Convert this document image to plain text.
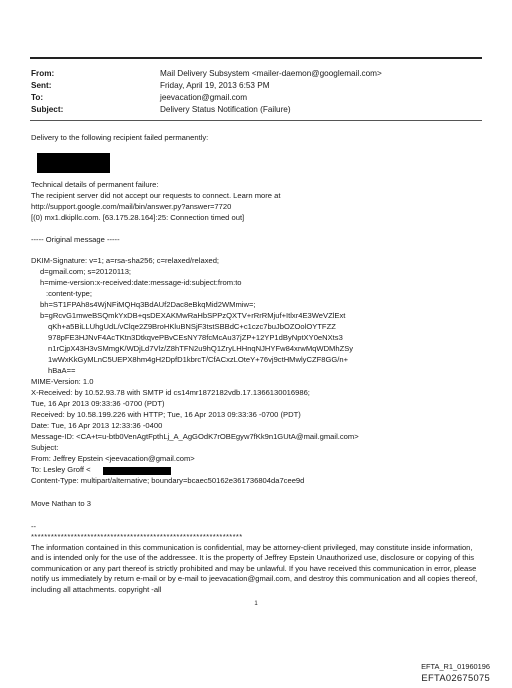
From:	Mail Delivery Subsystem <mailer-daemon@googlemail.com>
Sent:	Friday, April 19, 2013 6:53 PM
To:	jeevacation@gmail.com
Subject:	Delivery Status Notification (Failure)
Delivery to the following recipient failed permanently:
Technical details of permanent failure:
The recipient server did not accept our requests to connect. Learn more at
http://support.google.com/mail/bin/answer.py?answer=7720
[(0) mx1.dkipllc.com. [63.175.28.164]:25: Connection timed out]
----- Original message -----
DKIM-Signature: v=1; a=rsa-sha256; c=relaxed/relaxed;
d=gmail.com; s=20120113;
h=mime-version:x-received:date:message-id:subject:from:to
:content-type;
bh=ST1FPAh8s4WjNFiMQHq3BdAUf2Dac8eBkqMid2WMmiw=;
b=gRcvG1mweBSQmkYxDB+qsDEXAKMwRaHbSPPzQXTV+rRrRMjuf+Itlxr4E3WeVZlExt
qKh+a5BiLLUhgUdL/vClqe2Z9BroHKluBNSjF3tstSBBdC+c1czc7buJbOZOolOYTFZZ
978pFE3HJNvF4AcTKtn3DtkqvePBvCEsNY78fcMcAu37jZP+12YP1dByNptXY0eNXts3
n1rCjpX43H3vSMmgK/WDjLd7Vlz/Z8hTFN2u9hQ1ZryLHHnqNJHYFw84xrwMqWDMhZSy
1wWxKkGyMLnC5UEPX8hm4gH2DpfD1kbrcT/CfACxzLOteY+76vj9ctHMwlyCZF8GG/n+
hBaA==
MIME-Version: 1.0
X-Received: by 10.52.93.78 with SMTP id cs14mr1872182vdb.17.1366130016986;
Tue, 16 Apr 2013 09:33:36 -0700 (PDT)
Received: by 10.58.199.226 with HTTP; Tue, 16 Apr 2013 09:33:36 -0700 (PDT)
Date: Tue, 16 Apr 2013 12:33:36 -0400
Message-ID: <CA+t=u-btb0VenAgtFpthLj_A_AgGOdK7rOBEgyw7fKk9n1GUtA@mail.gmail.com>
Subject:
From: Jeffrey Epstein <jeevacation@gmail.com>
To: Lesley Groff <
Content-Type: multipart/alternative; boundary=bcaec50162e361736804da7cee9d
Move Nathan to 3
--
****************************************************************
The information contained in this communication is confidential, may be attorney-client privileged, may constitute inside information, and is intended only for the use of the addressee. It is the property of Jeffrey Epstein Unauthorized use, disclosure or copying of this communication or any part thereof is strictly prohibited and may be unlawful. If you have received this communication in error, please notify us immediately by return e-mail or by e-mail to jeevacation@gmail.com, and destroy this communication and all copies thereof, including all attachments. copyright -all
1
EFTA_R1_01960196
EFTA02675075
